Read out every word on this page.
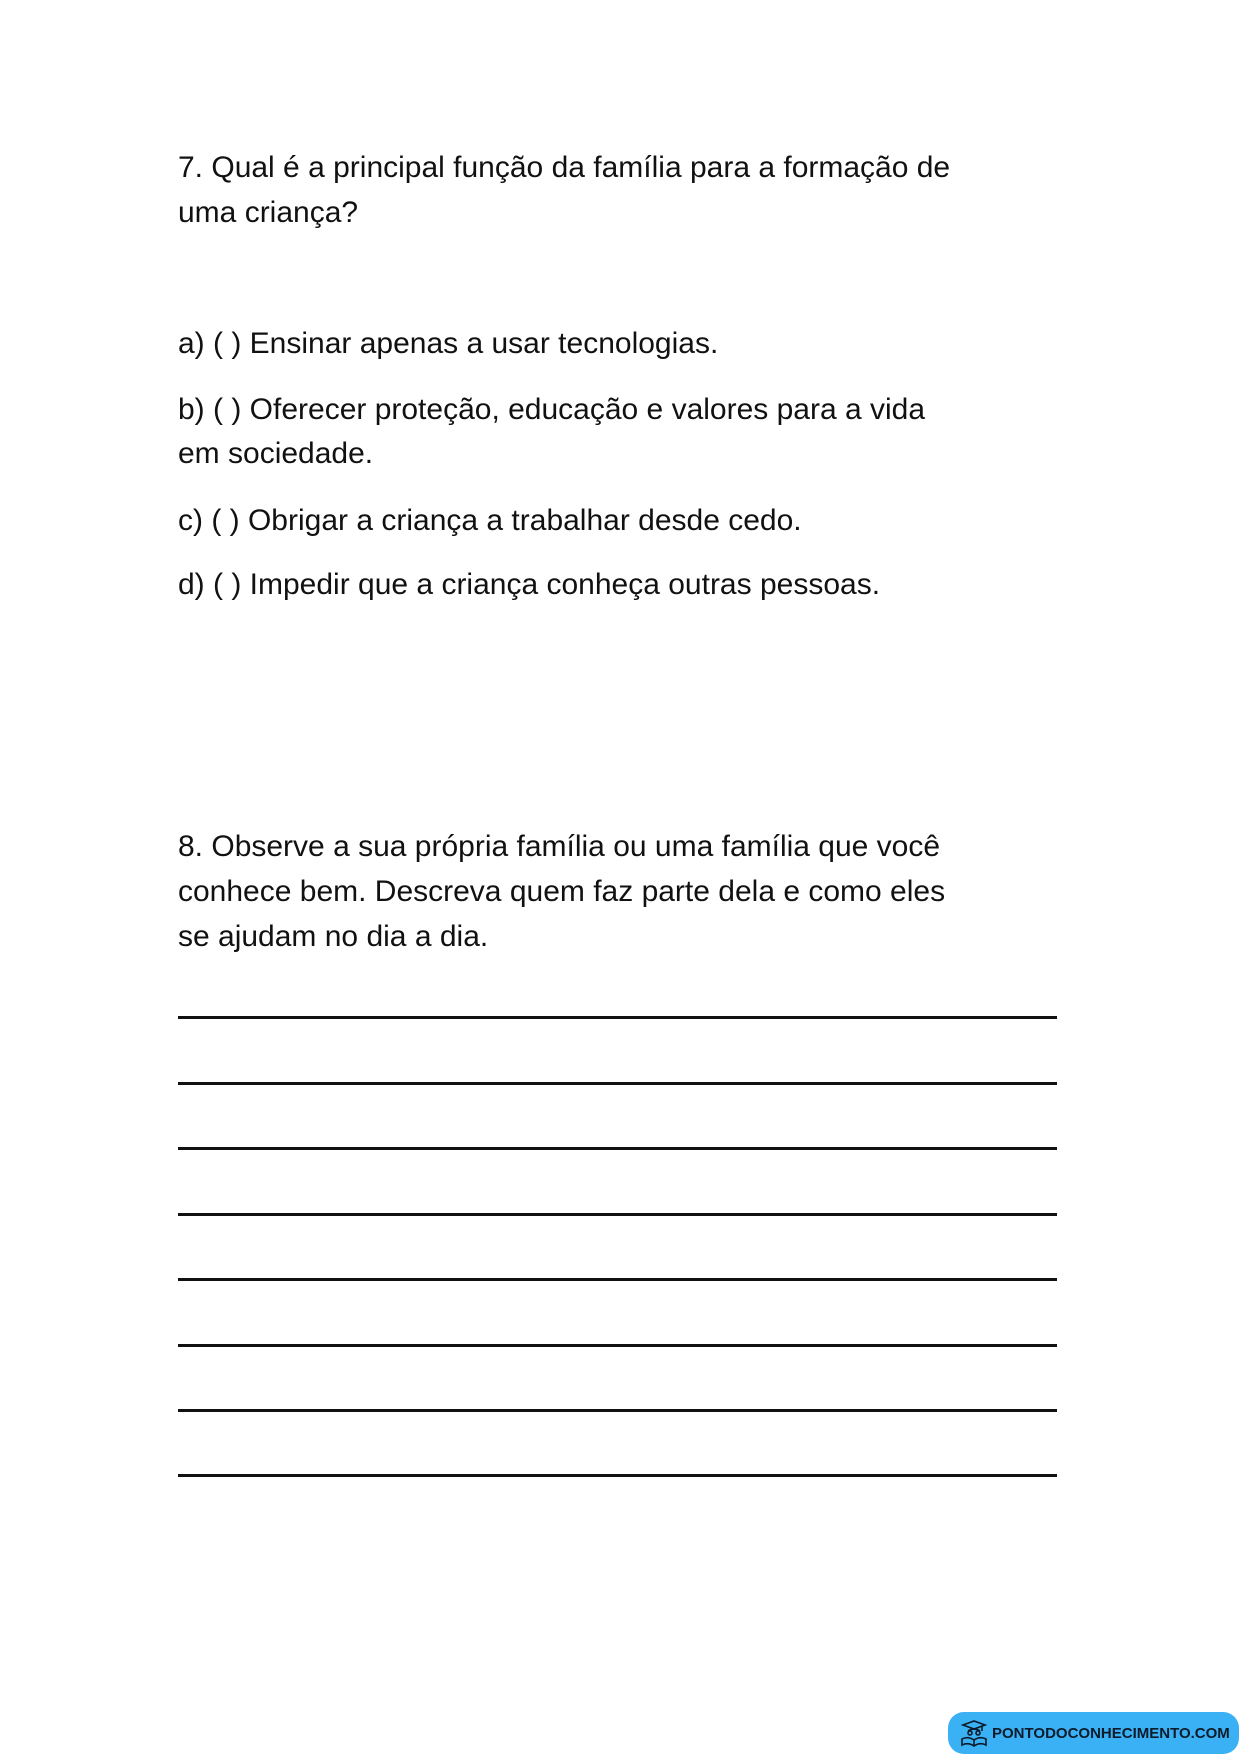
7. Qual é a principal função da família para a formação de
uma criança?
a) ( ) Ensinar apenas a usar tecnologias.
b) ( ) Oferecer proteção, educação e valores para a vida
em sociedade.
c) ( ) Obrigar a criança a trabalhar desde cedo.
d) ( ) Impedir que a criança conheça outras pessoas.
8. Observe a sua própria família ou uma família que você
conhece bem. Descreva quem faz parte dela e como eles
se ajudam no dia a dia.
PONTODOCONHECIMENTO.COM
